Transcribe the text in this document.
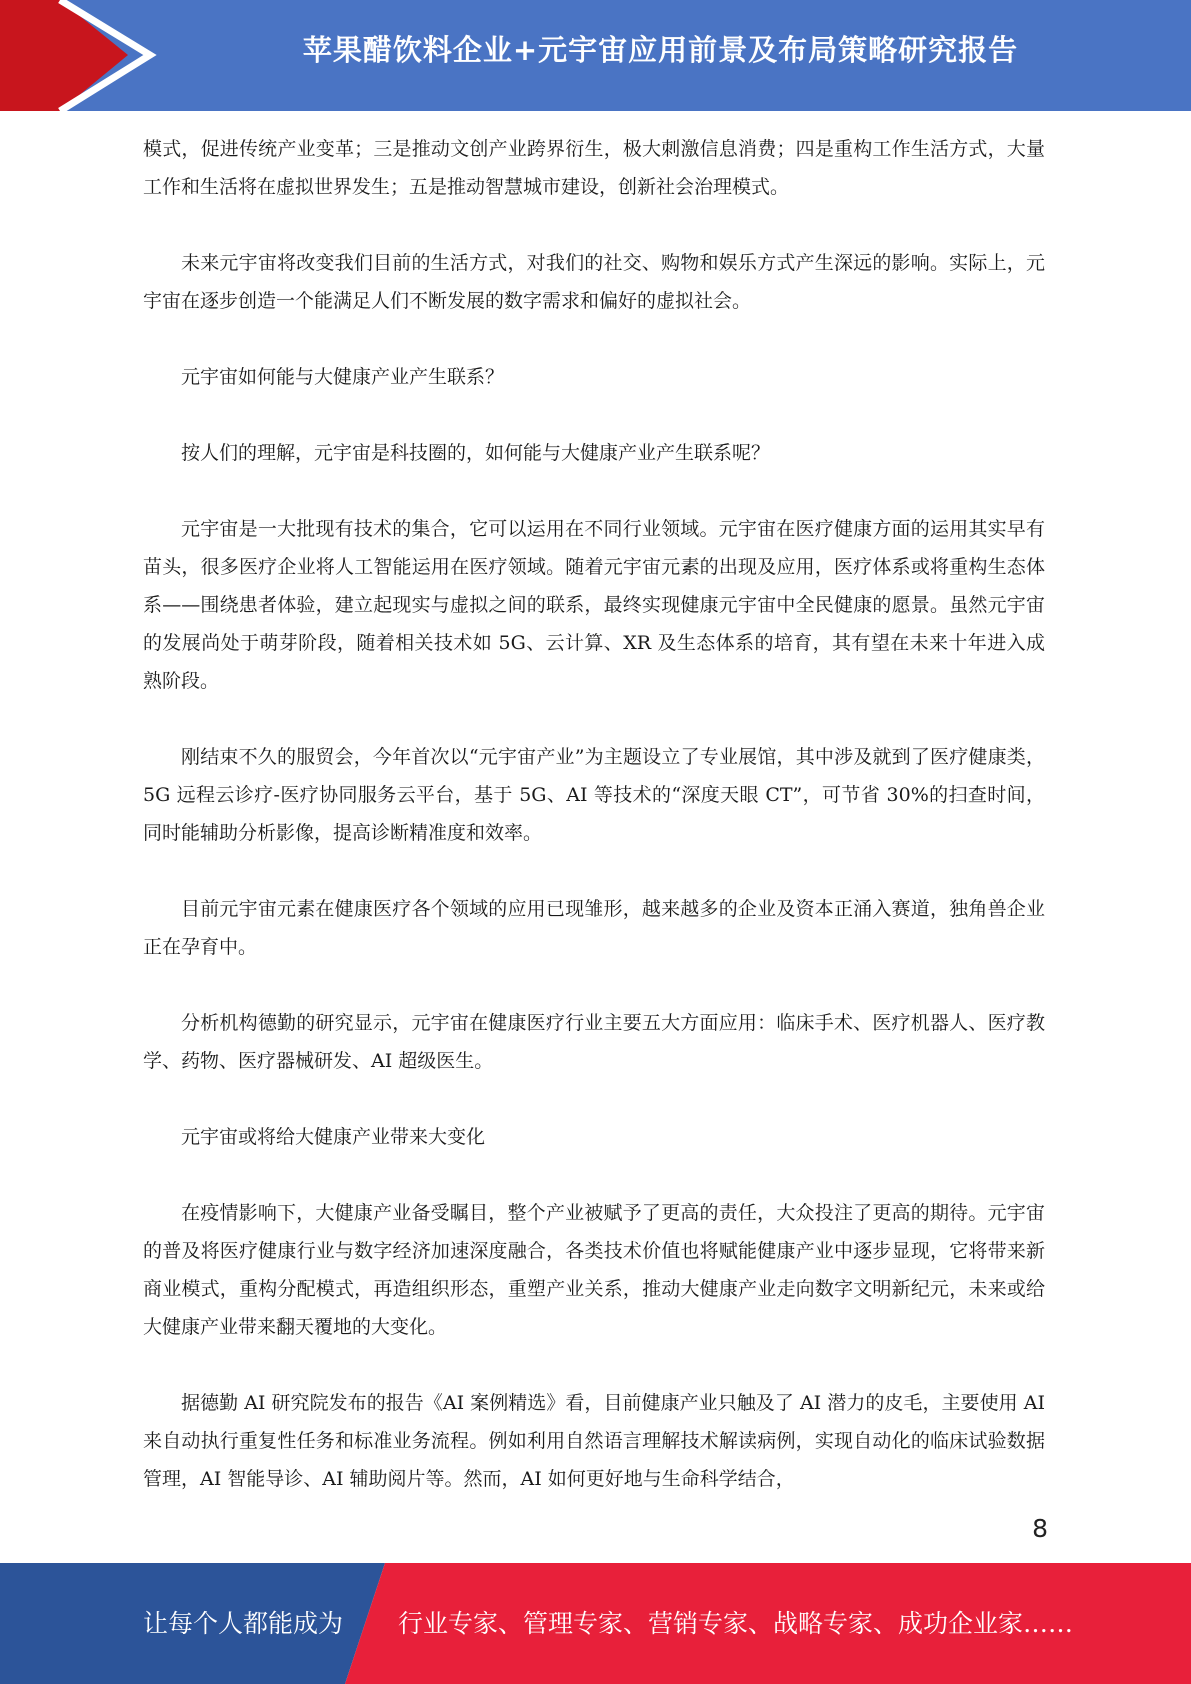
苹果醋饮料企业+元宇宙应用前景及布局策略研究报告

模式，促进传统产业变革；三是推动文创产业跨界衍生，极大刺激信息消费；四是重构工作生活方式，大量工作和生活将在虚拟世界发生；五是推动智慧城市建设，创新社会治理模式。

未来元宇宙将改变我们目前的生活方式，对我们的社交、购物和娱乐方式产生深远的影响。实际上，元宇宙在逐步创造一个能满足人们不断发展的数字需求和偏好的虚拟社会。

元宇宙如何能与大健康产业产生联系？

按人们的理解，元宇宙是科技圈的，如何能与大健康产业产生联系呢？

元宇宙是一大批现有技术的集合，它可以运用在不同行业领域。元宇宙在医疗健康方面的运用其实早有苗头，很多医疗企业将人工智能运用在医疗领域。随着元宇宙元素的出现及应用，医疗体系或将重构生态体系——围绕患者体验，建立起现实与虚拟之间的联系，最终实现健康元宇宙中全民健康的愿景。虽然元宇宙的发展尚处于萌芽阶段，随着相关技术如 5G、云计算、XR 及生态体系的培育，其有望在未来十年进入成熟阶段。

刚结束不久的服贸会，今年首次以“元宇宙产业”为主题设立了专业展馆，其中涉及就到了医疗健康类，5G 远程云诊疗-医疗协同服务云平台，基于 5G、AI 等技术的“深度天眼 CT”，可节省 30%的扫查时间，同时能辅助分析影像，提高诊断精准度和效率。

目前元宇宙元素在健康医疗各个领域的应用已现雏形，越来越多的企业及资本正涌入赛道，独角兽企业正在孕育中。

分析机构德勤的研究显示，元宇宙在健康医疗行业主要五大方面应用：临床手术、医疗机器人、医疗教学、药物、医疗器械研发、AI 超级医生。

元宇宙或将给大健康产业带来大变化

在疫情影响下，大健康产业备受瞩目，整个产业被赋予了更高的责任，大众投注了更高的期待。元宇宙的普及将医疗健康行业与数字经济加速深度融合，各类技术价值也将赋能健康产业中逐步显现，它将带来新商业模式，重构分配模式，再造组织形态，重塑产业关系，推动大健康产业走向数字文明新纪元，未来或给大健康产业带来翻天覆地的大变化。

据德勤 AI 研究院发布的报告《AI 案例精选》看，目前健康产业只触及了 AI 潜力的皮毛，主要使用 AI 来自动执行重复性任务和标准业务流程。例如利用自然语言理解技术解读病例，实现自动化的临床试验数据管理，AI 智能导诊、AI 辅助阅片等。然而，AI 如何更好地与生命科学结合，

8
让每个人都能成为 行业专家、管理专家、营销专家、战略专家、成功企业家……
